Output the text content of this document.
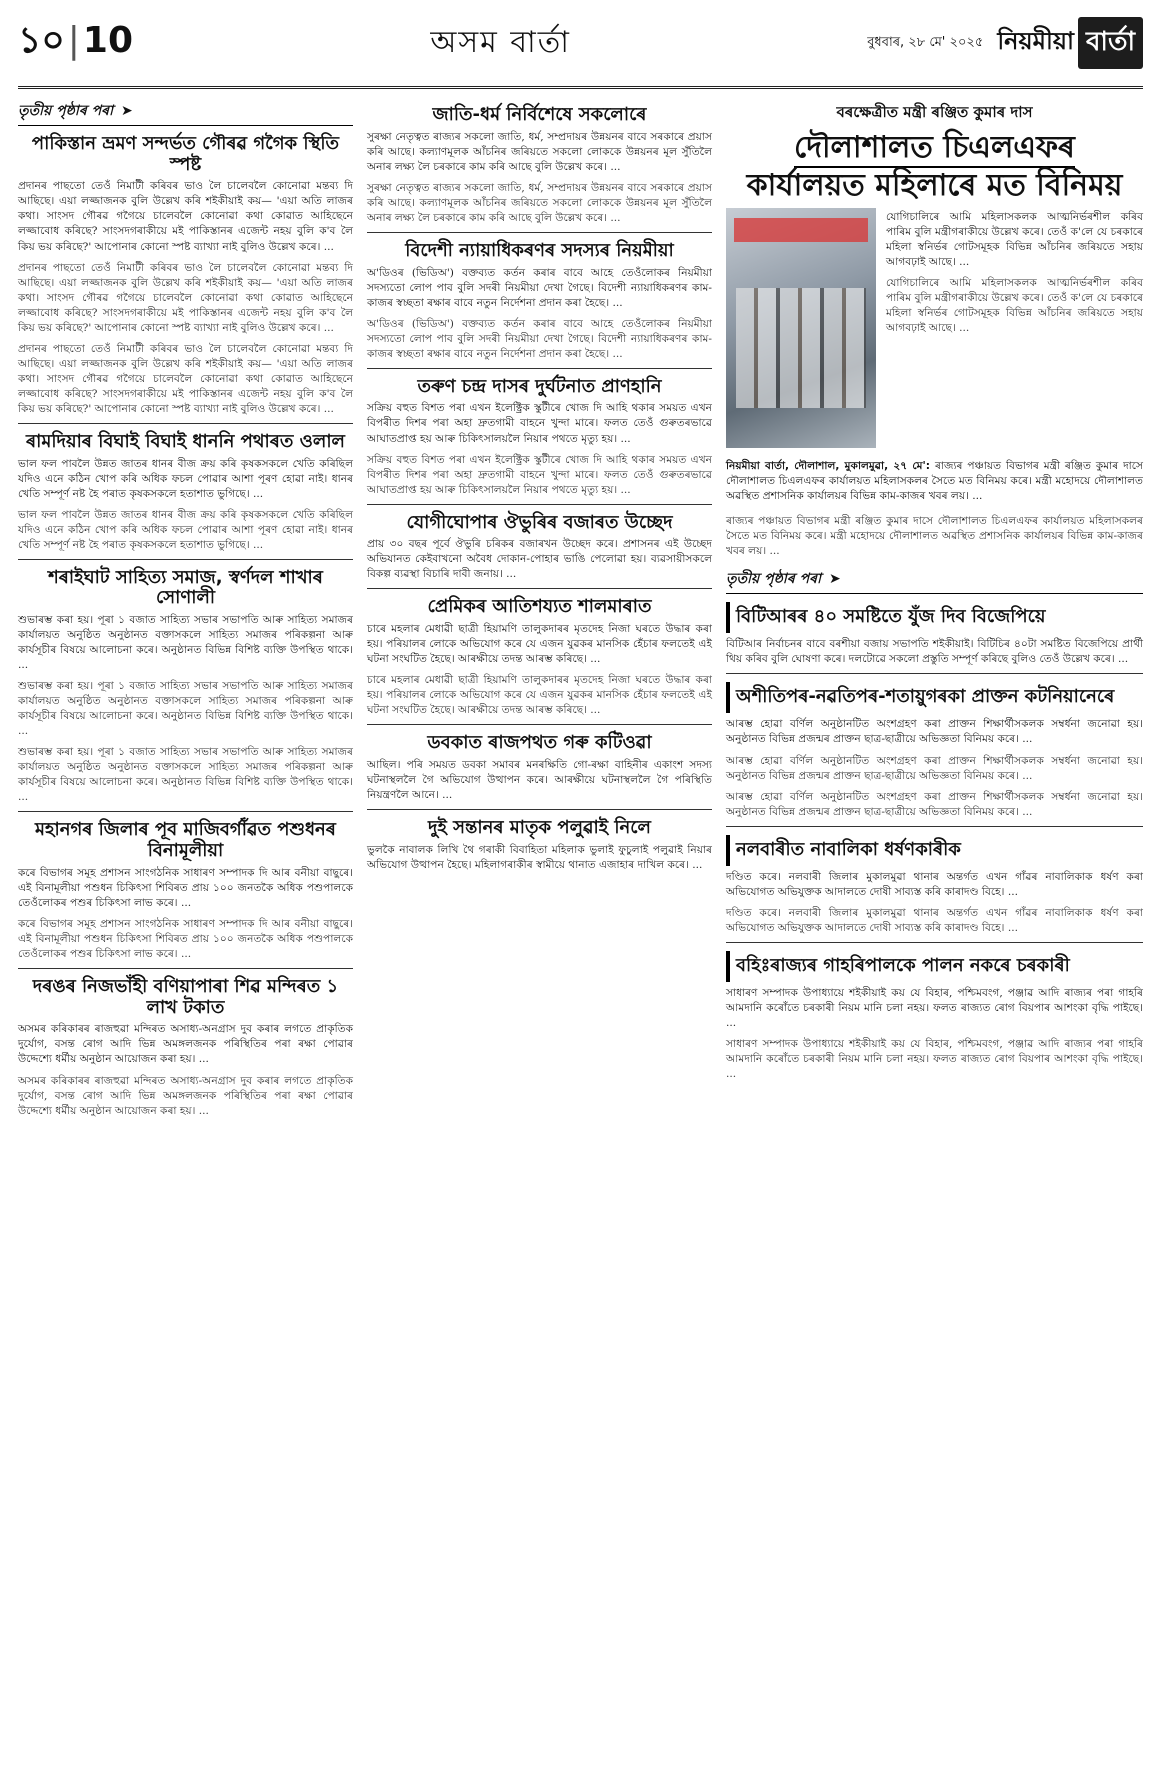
১০|10	অসম বাৰ্তা	বুধবাৰ, ২৮ মে' ২০২৫ নিয়মীয়া বাৰ্তা
তৃতীয় পৃষ্ঠাৰ পৰা ➤
পাকিস্তান ভ্ৰমণ সন্দৰ্ভত গৌৰৱ গগৈক স্থিতি স্পষ্ট

প্ৰদানৰ পাছতো তেওঁ নিমাটী কৰিবৰ ভাও লৈ চালেবলৈ কোনোৱা মন্তব্য দি আছিছে। এয়া লজ্জাজনক বুলি উল্লেখ কৰি শইকীয়াই কয়— 'এয়া অতি লাজৰ কথা। সাংসদ গৌৰৱ গগৈয়ে চালেবলৈ কোনোৱা কথা কোৱাত আহিছেনে লজ্জাবোধ কৰিছে? সাংসদগৰাকীয়ে মই পাকিস্তানৰ এজেন্ট নহয় বুলি ক'ব লৈ কিয় ভয় কৰিছে?' আপোনাৰ কোনো স্পষ্ট ব্যাখ্যা নাই বুলিও উল্লেখ কৰে। ...

প্ৰদানৰ পাছতো তেওঁ নিমাটী কৰিবৰ ভাও লৈ চালেবলৈ কোনোৱা মন্তব্য দি আছিছে। এয়া লজ্জাজনক বুলি উল্লেখ কৰি শইকীয়াই কয়— 'এয়া অতি লাজৰ কথা। সাংসদ গৌৰৱ গগৈয়ে চালেবলৈ কোনোৱা কথা কোৱাত আহিছেনে লজ্জাবোধ কৰিছে? সাংসদগৰাকীয়ে মই পাকিস্তানৰ এজেন্ট নহয় বুলি ক'ব লৈ কিয় ভয় কৰিছে?' আপোনাৰ কোনো স্পষ্ট ব্যাখ্যা নাই বুলিও উল্লেখ কৰে। ...

প্ৰদানৰ পাছতো তেওঁ নিমাটী কৰিবৰ ভাও লৈ চালেবলৈ কোনোৱা মন্তব্য দি আছিছে। এয়া লজ্জাজনক বুলি উল্লেখ কৰি শইকীয়াই কয়— 'এয়া অতি লাজৰ কথা। সাংসদ গৌৰৱ গগৈয়ে চালেবলৈ কোনোৱা কথা কোৱাত আহিছেনে লজ্জাবোধ কৰিছে? সাংসদগৰাকীয়ে মই পাকিস্তানৰ এজেন্ট নহয় বুলি ক'ব লৈ কিয় ভয় কৰিছে?' আপোনাৰ কোনো স্পষ্ট ব্যাখ্যা নাই বুলিও উল্লেখ কৰে। ...

ৰামদিয়াৰ বিঘাই বিঘাই ধাননি পথাৰত ওলাল

ভাল ফল পাবলৈ উন্নত জাতৰ ধানৰ বীজ ক্ৰয় কৰি কৃষকসকলে খেতি কৰিছিল যদিও এনে কঠিন খোপ কৰি অধিক ফচল পোৱাৰ আশা পূৰণ হোৱা নাই। ধানৰ খেতি সম্পূৰ্ণ নষ্ট হৈ পৰাত কৃষকসকলে হতাশাত ভুগিছে। ...

ভাল ফল পাবলৈ উন্নত জাতৰ ধানৰ বীজ ক্ৰয় কৰি কৃষকসকলে খেতি কৰিছিল যদিও এনে কঠিন খোপ কৰি অধিক ফচল পোৱাৰ আশা পূৰণ হোৱা নাই। ধানৰ খেতি সম্পূৰ্ণ নষ্ট হৈ পৰাত কৃষকসকলে হতাশাত ভুগিছে। ...

শৰাইঘাট সাহিত্য সমাজ, স্বৰ্ণদল শাখাৰ সোণালী

শুভাৰম্ভ কৰা হয়। পূৰা ১ বজাত সাহিত্য সভাৰ সভাপতি আৰু সাহিত্য সমাজৰ কাৰ্যালয়ত অনুষ্ঠিত অনুষ্ঠানত বক্তাসকলে সাহিত্য সমাজৰ পৰিকল্পনা আৰু কাৰ্যসূচীৰ বিষয়ে আলোচনা কৰে। অনুষ্ঠানত বিভিন্ন বিশিষ্ট ব্যক্তি উপস্থিত থাকে। ...

শুভাৰম্ভ কৰা হয়। পূৰা ১ বজাত সাহিত্য সভাৰ সভাপতি আৰু সাহিত্য সমাজৰ কাৰ্যালয়ত অনুষ্ঠিত অনুষ্ঠানত বক্তাসকলে সাহিত্য সমাজৰ পৰিকল্পনা আৰু কাৰ্যসূচীৰ বিষয়ে আলোচনা কৰে। অনুষ্ঠানত বিভিন্ন বিশিষ্ট ব্যক্তি উপস্থিত থাকে। ...

শুভাৰম্ভ কৰা হয়। পূৰা ১ বজাত সাহিত্য সভাৰ সভাপতি আৰু সাহিত্য সমাজৰ কাৰ্যালয়ত অনুষ্ঠিত অনুষ্ঠানত বক্তাসকলে সাহিত্য সমাজৰ পৰিকল্পনা আৰু কাৰ্যসূচীৰ বিষয়ে আলোচনা কৰে। অনুষ্ঠানত বিভিন্ন বিশিষ্ট ব্যক্তি উপস্থিত থাকে। ...

মহানগৰ জিলাৰ পূব মাজিবৰ্গাঁৱত পশুধনৰ বিনামূলীয়া

কৰে বিভাগৰ সমূহ প্ৰশাসন সাংগঠনিক সাধাৰণ সম্পাদক দি আৰ বনীয়া বাছুৰে। এই বিনামূলীয়া পশুধন চিকিৎসা শিবিৰত প্ৰায় ১০০ জনতকৈ অধিক পশুপালকে তেওঁলোকৰ পশুৰ চিকিৎসা লাভ কৰে। ...

কৰে বিভাগৰ সমূহ প্ৰশাসন সাংগঠনিক সাধাৰণ সম্পাদক দি আৰ বনীয়া বাছুৰে। এই বিনামূলীয়া পশুধন চিকিৎসা শিবিৰত প্ৰায় ১০০ জনতকৈ অধিক পশুপালকে তেওঁলোকৰ পশুৰ চিকিৎসা লাভ কৰে। ...

দৰঙৰ নিজভাঁহী বণিয়াপাৰা শিৱ মন্দিৰত ১ লাখ টকাত

অসমৰ কৰিকাৰৰ ৰাজহুৱা মন্দিৰত অসাধ্য-অনগ্ৰাস দুব কৰাৰ লগতে প্ৰাকৃতিক দুৰ্যোগ, বসন্ত ৰোগ আদি ভিন্ন অমঙ্গলজনক পৰিস্থিতিৰ পৰা ৰক্ষা পোৱাৰ উদ্দেশ্যে ধৰ্মীয় অনুষ্ঠান আয়োজন কৰা হয়। ...

অসমৰ কৰিকাৰৰ ৰাজহুৱা মন্দিৰত অসাধ্য-অনগ্ৰাস দুব কৰাৰ লগতে প্ৰাকৃতিক দুৰ্যোগ, বসন্ত ৰোগ আদি ভিন্ন অমঙ্গলজনক পৰিস্থিতিৰ পৰা ৰক্ষা পোৱাৰ উদ্দেশ্যে ধৰ্মীয় অনুষ্ঠান আয়োজন কৰা হয়। ...

জাতি-ধৰ্ম নিৰ্বিশেষে সকলোৰে

সুৰক্ষা নেতৃত্বত ৰাজ্যৰ সকলো জাতি, ধৰ্ম, সম্প্ৰদায়ৰ উন্নয়নৰ বাবে সৰকাৰে প্ৰয়াস কৰি আছে। কল্যাণমূলক আঁচনিৰ জৰিয়তে সকলো লোককে উন্নয়নৰ মূল সুঁতিলৈ অনাৰ লক্ষ্য লৈ চৰকাৰে কাম কৰি আছে বুলি উল্লেখ কৰে। ...

সুৰক্ষা নেতৃত্বত ৰাজ্যৰ সকলো জাতি, ধৰ্ম, সম্প্ৰদায়ৰ উন্নয়নৰ বাবে সৰকাৰে প্ৰয়াস কৰি আছে। কল্যাণমূলক আঁচনিৰ জৰিয়তে সকলো লোককে উন্নয়নৰ মূল সুঁতিলৈ অনাৰ লক্ষ্য লৈ চৰকাৰে কাম কৰি আছে বুলি উল্লেখ কৰে। ...

বিদেশী ন্যায়াধিকৰণৰ সদস্যৰ নিয়মীয়া

অ'ডিওৰ (ভিডিঅ') বক্তব্যত কৰ্তন কৰাৰ বাবে আহে তেওঁলোকৰ নিয়মীয়া সদস্যতো লোপ পাব বুলি সদৰী নিয়মীয়া দেখা গৈছে। বিদেশী ন্যায়াধিকৰণৰ কাম-কাজৰ স্বচ্ছতা ৰক্ষাৰ বাবে নতুন নিৰ্দেশনা প্ৰদান কৰা হৈছে। ...

অ'ডিওৰ (ভিডিঅ') বক্তব্যত কৰ্তন কৰাৰ বাবে আহে তেওঁলোকৰ নিয়মীয়া সদস্যতো লোপ পাব বুলি সদৰী নিয়মীয়া দেখা গৈছে। বিদেশী ন্যায়াধিকৰণৰ কাম-কাজৰ স্বচ্ছতা ৰক্ষাৰ বাবে নতুন নিৰ্দেশনা প্ৰদান কৰা হৈছে। ...

তৰুণ চন্দ্ৰ দাসৰ দুৰ্ঘটনাত প্ৰাণহানি

সক্ৰিয় বহুত বিশত পৰা এখন ইলেক্ট্ৰিক স্কুটীৰে খোজ দি আহি থকাৰ সময়ত এখন বিপৰীত দিশৰ পৰা অহা দ্ৰুতগামী বাহনে খুন্দা মাৰে। ফলত তেওঁ গুৰুতৰভাৱে আঘাতপ্ৰাপ্ত হয় আৰু চিকিৎসালয়লৈ নিয়াৰ পথতে মৃত্যু হয়। ...

সক্ৰিয় বহুত বিশত পৰা এখন ইলেক্ট্ৰিক স্কুটীৰে খোজ দি আহি থকাৰ সময়ত এখন বিপৰীত দিশৰ পৰা অহা দ্ৰুতগামী বাহনে খুন্দা মাৰে। ফলত তেওঁ গুৰুতৰভাৱে আঘাতপ্ৰাপ্ত হয় আৰু চিকিৎসালয়লৈ নিয়াৰ পথতে মৃত্যু হয়। ...

যোগীঘোপাৰ ঔভুৰিৰ বজাৰত উচ্ছেদ

প্ৰায় ৩০ বছৰ পূৰ্বে ঔভুৰি চৰিকৰ বজাৰখন উচ্ছেদ কৰে। প্ৰশাসনৰ এই উচ্ছেদ অভিযানত কেইবাখনো অবৈধ দোকান-পোহাৰ ভাঙি পেলোৱা হয়। ব্যৱসায়ীসকলে বিকল্প ব্যৱস্থা বিচাৰি দাবী জনায়। ...

প্ৰেমিকৰ আতিশয্যত শালমাৰাত

চাৰে মহলাৰ মেধাৱী ছাত্ৰী হিয়ামণি তালুকদাৰৰ মৃতদেহ নিজা ঘৰতে উদ্ধাৰ কৰা হয়। পৰিয়ালৰ লোকে অভিযোগ কৰে যে এজন যুৱকৰ মানসিক হেঁচাৰ ফলতেই এই ঘটনা সংঘটিত হৈছে। আৰক্ষীয়ে তদন্ত আৰম্ভ কৰিছে। ...

চাৰে মহলাৰ মেধাৱী ছাত্ৰী হিয়ামণি তালুকদাৰৰ মৃতদেহ নিজা ঘৰতে উদ্ধাৰ কৰা হয়। পৰিয়ালৰ লোকে অভিযোগ কৰে যে এজন যুৱকৰ মানসিক হেঁচাৰ ফলতেই এই ঘটনা সংঘটিত হৈছে। আৰক্ষীয়ে তদন্ত আৰম্ভ কৰিছে। ...

ডবকাত ৰাজপথত গৰু কটিওৱা

আছিল। পৰি সময়ত ডবকা সমাবৰ মনৰক্ষিতি গো-ৰক্ষা বাহিনীৰ একাংশ সদস্য ঘটনাস্থললৈ গৈ অভিযোগ উত্থাপন কৰে। আৰক্ষীয়ে ঘটনাস্থললৈ গৈ পৰিস্থিতি নিয়ন্ত্ৰণলৈ আনে। ...

দুই সন্তানৰ মাতৃক পলুৱাই নিলে

ভুলকৈ নাবালক লিখি থৈ গৰাকী বিবাহিতা মহিলাক ভুলাই ফুচুলাই পলুৱাই নিয়াৰ অভিযোগ উত্থাপন হৈছে। মহিলাগৰাকীৰ স্বামীয়ে থানাত এজাহাৰ দাখিল কৰে। ...

বৰক্ষেত্ৰীত মন্ত্ৰী ৰঞ্জিত কুমাৰ দাস
দৌলাশালত চিএলএফৰ
কাৰ্যালয়ত মহিলাৰে মত বিনিময়

যোগিচালিৰে আমি মহিলাসকলক আত্মনিৰ্ভৰশীল কৰিব পাৰিম বুলি মন্ত্ৰীগৰাকীয়ে উল্লেখ কৰে। তেওঁ ক'লে যে চৰকাৰে মহিলা স্বনিৰ্ভৰ গোটসমূহক বিভিন্ন আঁচনিৰ জৰিয়তে সহায় আগবঢ়াই আছে। ...

যোগিচালিৰে আমি মহিলাসকলক আত্মনিৰ্ভৰশীল কৰিব পাৰিম বুলি মন্ত্ৰীগৰাকীয়ে উল্লেখ কৰে। তেওঁ ক'লে যে চৰকাৰে মহিলা স্বনিৰ্ভৰ গোটসমূহক বিভিন্ন আঁচনিৰ জৰিয়তে সহায় আগবঢ়াই আছে। ...

নিয়মীয়া বাৰ্তা, দৌলাশাল, মুকালমুৱা, ২৭ মে': ৰাজ্যৰ পঞ্চায়ত বিভাগৰ মন্ত্ৰী ৰঞ্জিত কুমাৰ দাসে দৌলাশালত চিএলএফৰ কাৰ্যালয়ত মহিলাসকলৰ সৈতে মত বিনিময় কৰে। মন্ত্ৰী মহোদয়ে দৌলাশালত অৱস্থিত প্ৰশাসনিক কাৰ্যালয়ৰ বিভিন্ন কাম-কাজৰ খবৰ লয়। ...

ৰাজ্যৰ পঞ্চায়ত বিভাগৰ মন্ত্ৰী ৰঞ্জিত কুমাৰ দাসে দৌলাশালত চিএলএফৰ কাৰ্যালয়ত মহিলাসকলৰ সৈতে মত বিনিময় কৰে। মন্ত্ৰী মহোদয়ে দৌলাশালত অৱস্থিত প্ৰশাসনিক কাৰ্যালয়ৰ বিভিন্ন কাম-কাজৰ খবৰ লয়। ...

তৃতীয় পৃষ্ঠাৰ পৰা ➤
বিটিআৰৰ ৪০ সমষ্টিতে যুঁজ দিব বিজেপিয়ে

বিটিআৰ নিৰ্বাচনৰ বাবে বৰশীয়া বজায় সভাপতি শইকীয়াই। বিটিচিৰ ৪০টা সমষ্টিত বিজেপিয়ে প্ৰাৰ্থী থিয় কৰিব বুলি ঘোষণা কৰে। দলটোৱে সকলো প্ৰস্তুতি সম্পূৰ্ণ কৰিছে বুলিও তেওঁ উল্লেখ কৰে। ...

অশীতিপৰ-নৱতিপৰ-শতায়ুগৰকা প্ৰাক্তন কটনিয়ানেৰে

আৰম্ভ হোৱা বৰ্ণিল অনুষ্ঠানটিত অংশগ্ৰহণ কৰা প্ৰাক্তন শিক্ষাৰ্থীসকলক সম্বৰ্ধনা জনোৱা হয়। অনুষ্ঠানত বিভিন্ন প্ৰজন্মৰ প্ৰাক্তন ছাত্ৰ-ছাত্ৰীয়ে অভিজ্ঞতা বিনিময় কৰে। ...

আৰম্ভ হোৱা বৰ্ণিল অনুষ্ঠানটিত অংশগ্ৰহণ কৰা প্ৰাক্তন শিক্ষাৰ্থীসকলক সম্বৰ্ধনা জনোৱা হয়। অনুষ্ঠানত বিভিন্ন প্ৰজন্মৰ প্ৰাক্তন ছাত্ৰ-ছাত্ৰীয়ে অভিজ্ঞতা বিনিময় কৰে। ...

আৰম্ভ হোৱা বৰ্ণিল অনুষ্ঠানটিত অংশগ্ৰহণ কৰা প্ৰাক্তন শিক্ষাৰ্থীসকলক সম্বৰ্ধনা জনোৱা হয়। অনুষ্ঠানত বিভিন্ন প্ৰজন্মৰ প্ৰাক্তন ছাত্ৰ-ছাত্ৰীয়ে অভিজ্ঞতা বিনিময় কৰে। ...

নলবাৰীত নাবালিকা ধৰ্ষণকাৰীক

দণ্ডিত কৰে। নলবাৰী জিলাৰ মুকালমুৱা থানাৰ অন্তৰ্গত এখন গাঁৱৰ নাবালিকাক ধৰ্ষণ কৰা অভিযোগত অভিযুক্তক আদালতে দোষী সাব্যস্ত কৰি কাৰাদণ্ড বিহে। ...

দণ্ডিত কৰে। নলবাৰী জিলাৰ মুকালমুৱা থানাৰ অন্তৰ্গত এখন গাঁৱৰ নাবালিকাক ধৰ্ষণ কৰা অভিযোগত অভিযুক্তক আদালতে দোষী সাব্যস্ত কৰি কাৰাদণ্ড বিহে। ...

বহিঃৰাজ্যৰ গাহৰিপালকে পালন নকৰে চৰকাৰী

সাধাৰণ সম্পাদক উপাধ্যায়ে শইকীয়াই কয় যে বিহাৰ, পশ্চিমবংগ, পঞ্জাৱ আদি ৰাজ্যৰ পৰা গাহৰি আমদানি কৰোঁতে চৰকাৰী নিয়ম মানি চলা নহয়। ফলত ৰাজ্যত ৰোগ বিয়পাৰ আশংকা বৃদ্ধি পাইছে। ...

সাধাৰণ সম্পাদক উপাধ্যায়ে শইকীয়াই কয় যে বিহাৰ, পশ্চিমবংগ, পঞ্জাৱ আদি ৰাজ্যৰ পৰা গাহৰি আমদানি কৰোঁতে চৰকাৰী নিয়ম মানি চলা নহয়। ফলত ৰাজ্যত ৰোগ বিয়পাৰ আশংকা বৃদ্ধি পাইছে। ...
